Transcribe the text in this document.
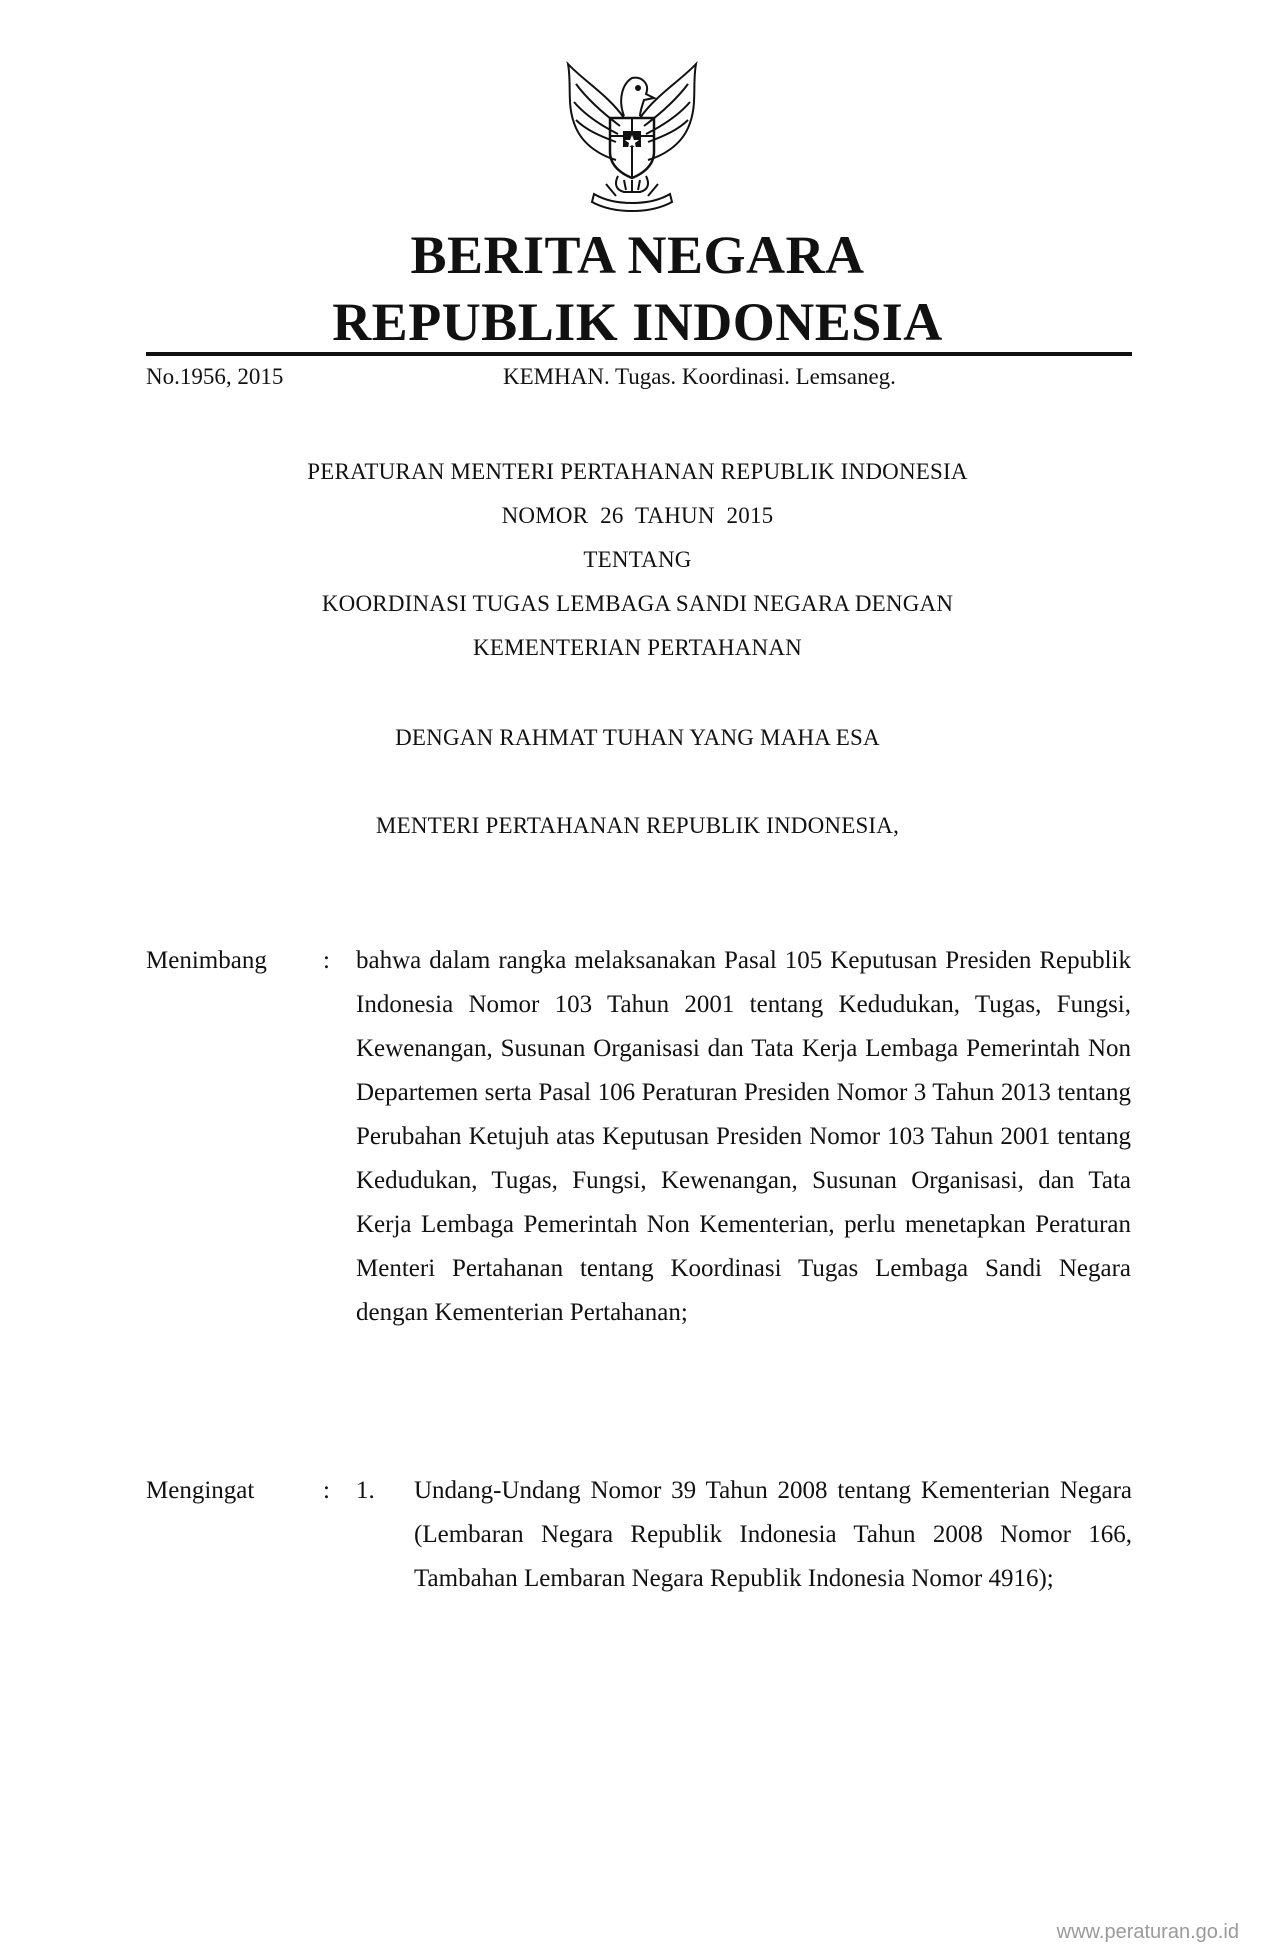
BERITA NEGARA
REPUBLIK INDONESIA
No.1956, 2015	KEMHAN. Tugas. Koordinasi. Lemsaneg.
PERATURAN MENTERI PERTAHANAN REPUBLIK INDONESIA
NOMOR  26  TAHUN  2015
TENTANG
KOORDINASI TUGAS LEMBAGA SANDI NEGARA DENGAN
KEMENTERIAN PERTAHANAN
DENGAN RAHMAT TUHAN YANG MAHA ESA
MENTERI PERTAHANAN REPUBLIK INDONESIA,
Menimbang : bahwa dalam rangka melaksanakan Pasal 105 Keputusan Presiden Republik Indonesia Nomor 103 Tahun 2001 tentang Kedudukan, Tugas, Fungsi, Kewenangan, Susunan Organisasi dan Tata Kerja Lembaga Pemerintah Non Departemen serta Pasal 106 Peraturan Presiden Nomor 3 Tahun 2013 tentang Perubahan Ketujuh atas Keputusan Presiden Nomor 103 Tahun 2001 tentang Kedudukan, Tugas, Fungsi, Kewenangan, Susunan Organisasi, dan Tata Kerja Lembaga Pemerintah Non Kementerian, perlu menetapkan Peraturan Menteri Pertahanan tentang Koordinasi Tugas Lembaga Sandi Negara dengan Kementerian Pertahanan;

Mengingat	: 1. Undang-Undang Nomor 39 Tahun 2008 tentang Kementerian Negara (Lembaran Negara Republik Indonesia Tahun 2008 Nomor 166, Tambahan Lembaran Negara Republik Indonesia Nomor 4916);

www.peraturan.go.id
